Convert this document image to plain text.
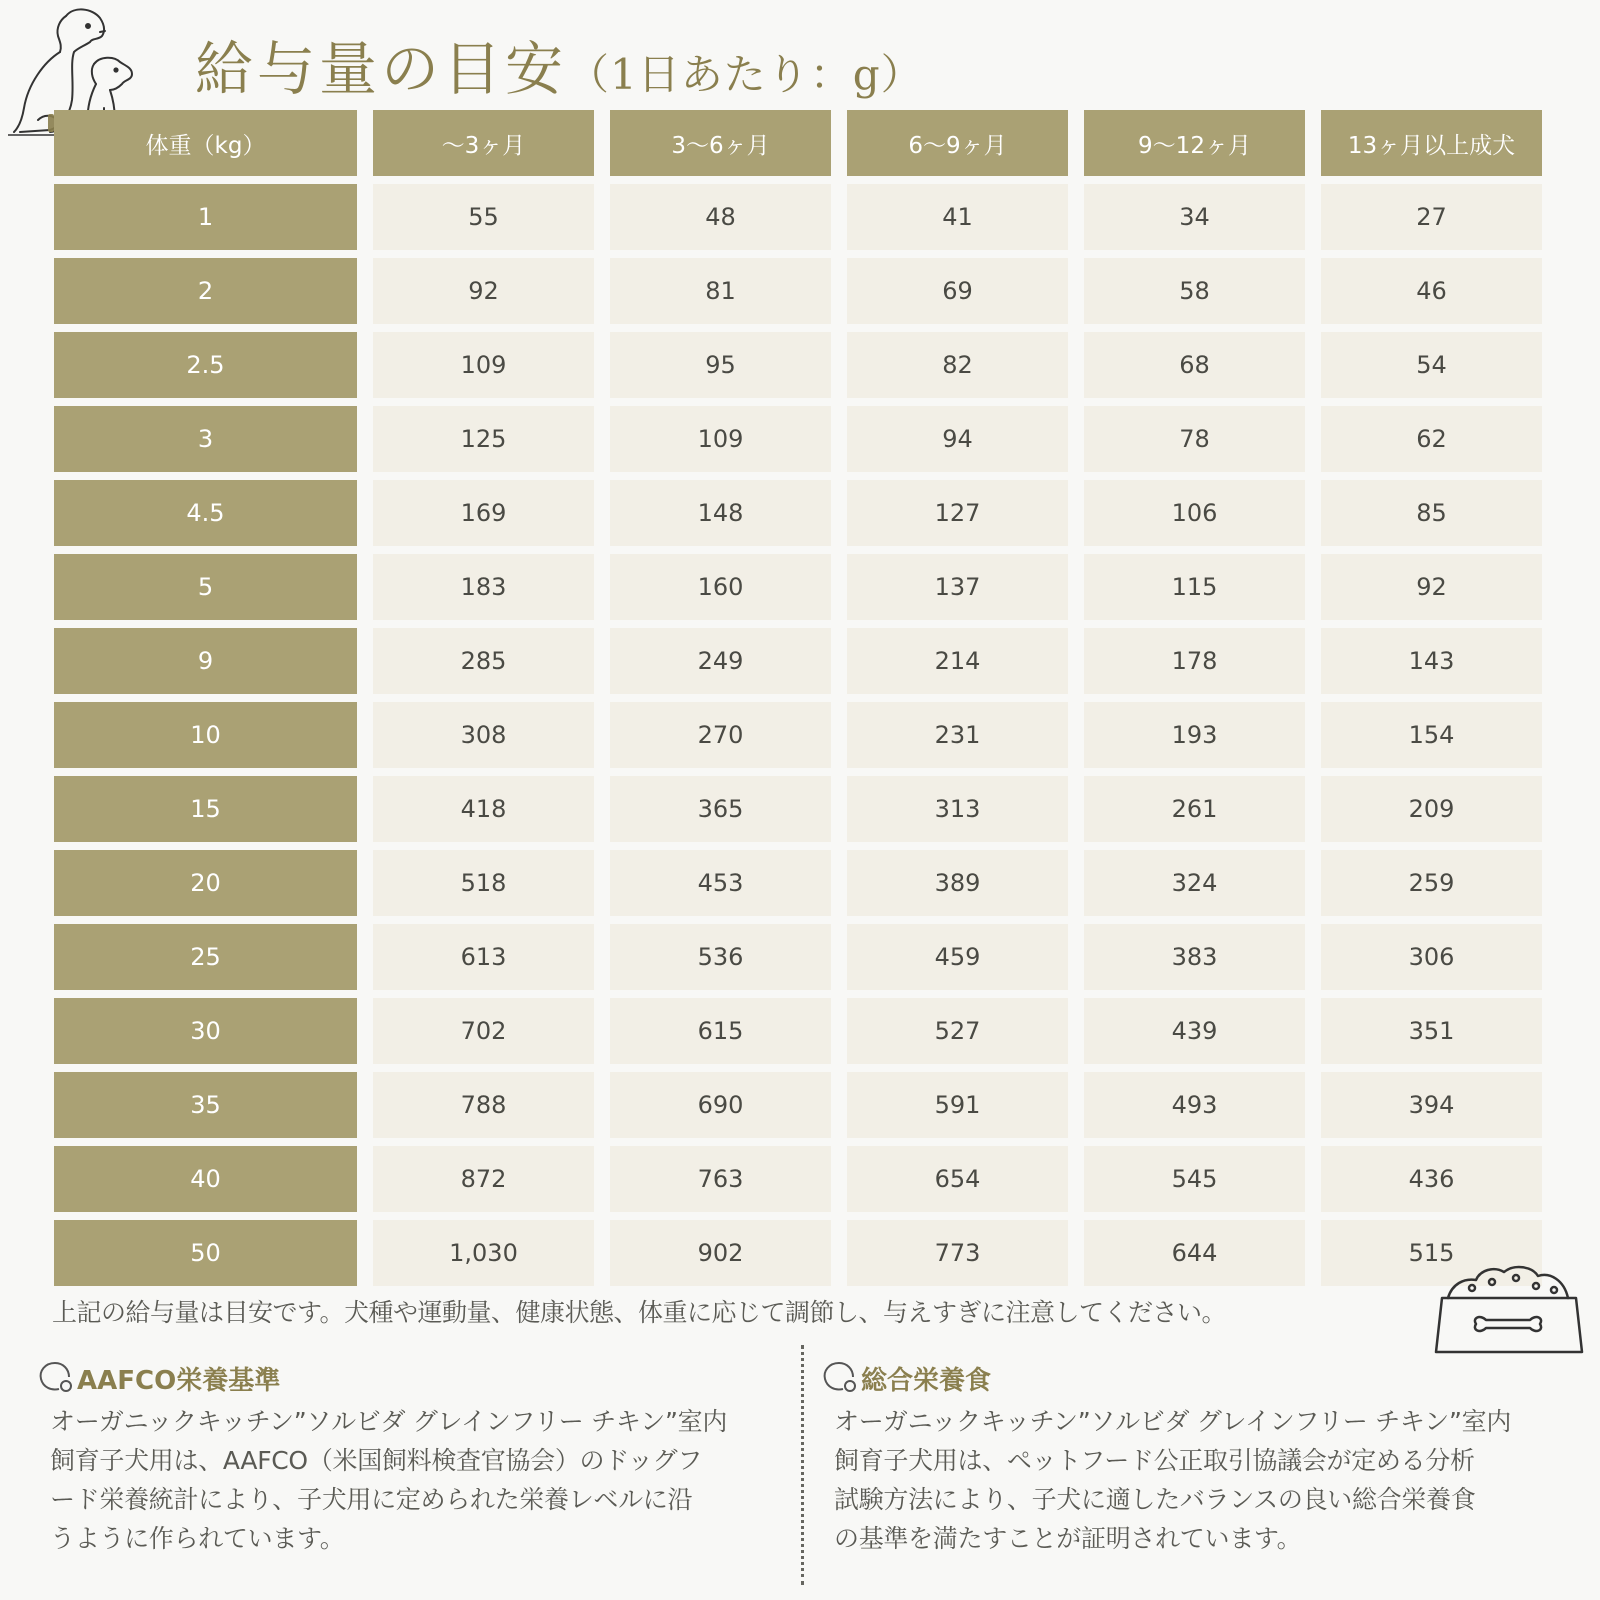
給与量の目安（1日あたり：g）
体重（kg）	〜3ヶ月	3〜6ヶ月	6〜9ヶ月	9〜12ヶ月	13ヶ月以上成犬
1	55	48	41	34	27
2	92	81	69	58	46
2.5	109	95	82	68	54
3	125	109	94	78	62
4.5	169	148	127	106	85
5	183	160	137	115	92
9	285	249	214	178	143
10	308	270	231	193	154
15	418	365	313	261	209
20	518	453	389	324	259
25	613	536	459	383	306
30	702	615	527	439	351
35	788	690	591	493	394
40	872	763	654	545	436
50	1,030	902	773	644	515
上記の給与量は目安です。犬種や運動量、健康状態、体重に応じて調節し、与えすぎに注意してください。
AAFCO栄養基準
オーガニックキッチン”ソルビダ グレインフリー チキン”室内
飼育子犬用は、AAFCO（米国飼料検査官協会）のドッグフ
ード栄養統計により、子犬用に定められた栄養レベルに沿
うように作られています。
総合栄養食
オーガニックキッチン”ソルビダ グレインフリー チキン”室内
飼育子犬用は、ペットフード公正取引協議会が定める分析
試験方法により、子犬に適したバランスの良い総合栄養食
の基準を満たすことが証明されています。
